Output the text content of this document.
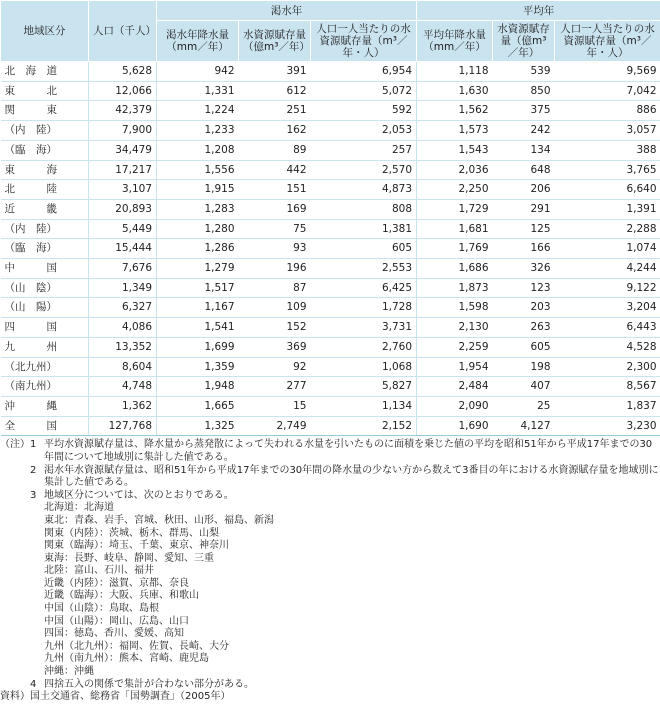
地域区分	人口（千人）	渇水年			平均年		
		渇水年降水量（mm／年）	水資源賦存量（億m³／年）	人口一人当たりの水資源賦存量（m³／年・人）	平均年降水量（mm／年）	水資源賦存量（億m³／年）	人口一人当たりの水資源賦存量（m³／年・人）
北　海　道	5,628	942	391	6,954	1,118	539	9,569
東　　　北	12,066	1,331	612	5,072	1,630	850	7,042
関　　　東	42,379	1,224	251	592	1,562	375	886
（内　陸）	7,900	1,233	162	2,053	1,573	242	3,057
（臨　海）	34,479	1,208	89	257	1,543	134	388
東　　　海	17,217	1,556	442	2,570	2,036	648	3,765
北　　　陸	3,107	1,915	151	4,873	2,250	206	6,640
近　　　畿	20,893	1,283	169	808	1,729	291	1,391
（内　陸）	5,449	1,280	75	1,381	1,681	125	2,288
（臨　海）	15,444	1,286	93	605	1,769	166	1,074
中　　　国	7,676	1,279	196	2,553	1,686	326	4,244
（山　陰）	1,349	1,517	87	6,425	1,873	123	9,122
（山　陽）	6,327	1,167	109	1,728	1,598	203	3,204
四　　　国	4,086	1,541	152	3,731	2,130	263	6,443
九　　　州	13,352	1,699	369	2,760	2,259	605	4,528
（北九州）	8,604	1,359	92	1,068	1,954	198	2,300
（南九州）	4,748	1,948	277	5,827	2,484	407	8,567
沖　　　縄	1,362	1,665	15	1,134	2,090	25	1,837
全　　　国	127,768	1,325	2,749	2,152	1,690	4,127	3,230
（注） 1 平均水資源賦存量は、降水量から蒸発散によって失われる水量を引いたものに面積を乗じた値の平均を昭和51年から平成17年までの30年間について地域別に集計した値である。
2 渇水年水資源賦存量は、昭和51年から平成17年までの30年間の降水量の少ない方から数えて3番目の年における水資源賦存量を地域別に集計した値である。
3 地域区分については、次のとおりである。
北海道：北海道
東北：青森、岩手、宮城、秋田、山形、福島、新潟
関東（内陸）：茨城、栃木、群馬、山梨
関東（臨海）：埼玉、千葉、東京、神奈川
東海：長野、岐阜、静岡、愛知、三重
北陸：富山、石川、福井
近畿（内陸）：滋賀、京都、奈良
近畿（臨海）：大阪、兵庫、和歌山
中国（山陰）：鳥取、島根
中国（山陽）：岡山、広島、山口
四国：徳島、香川、愛媛、高知
九州（北九州）：福岡、佐賀、長崎、大分
九州（南九州）：熊本、宮崎、鹿児島
沖縄：沖縄
4 四捨五入の関係で集計が合わない部分がある。
資料） 国土交通省、総務省「国勢調査」（2005年）
